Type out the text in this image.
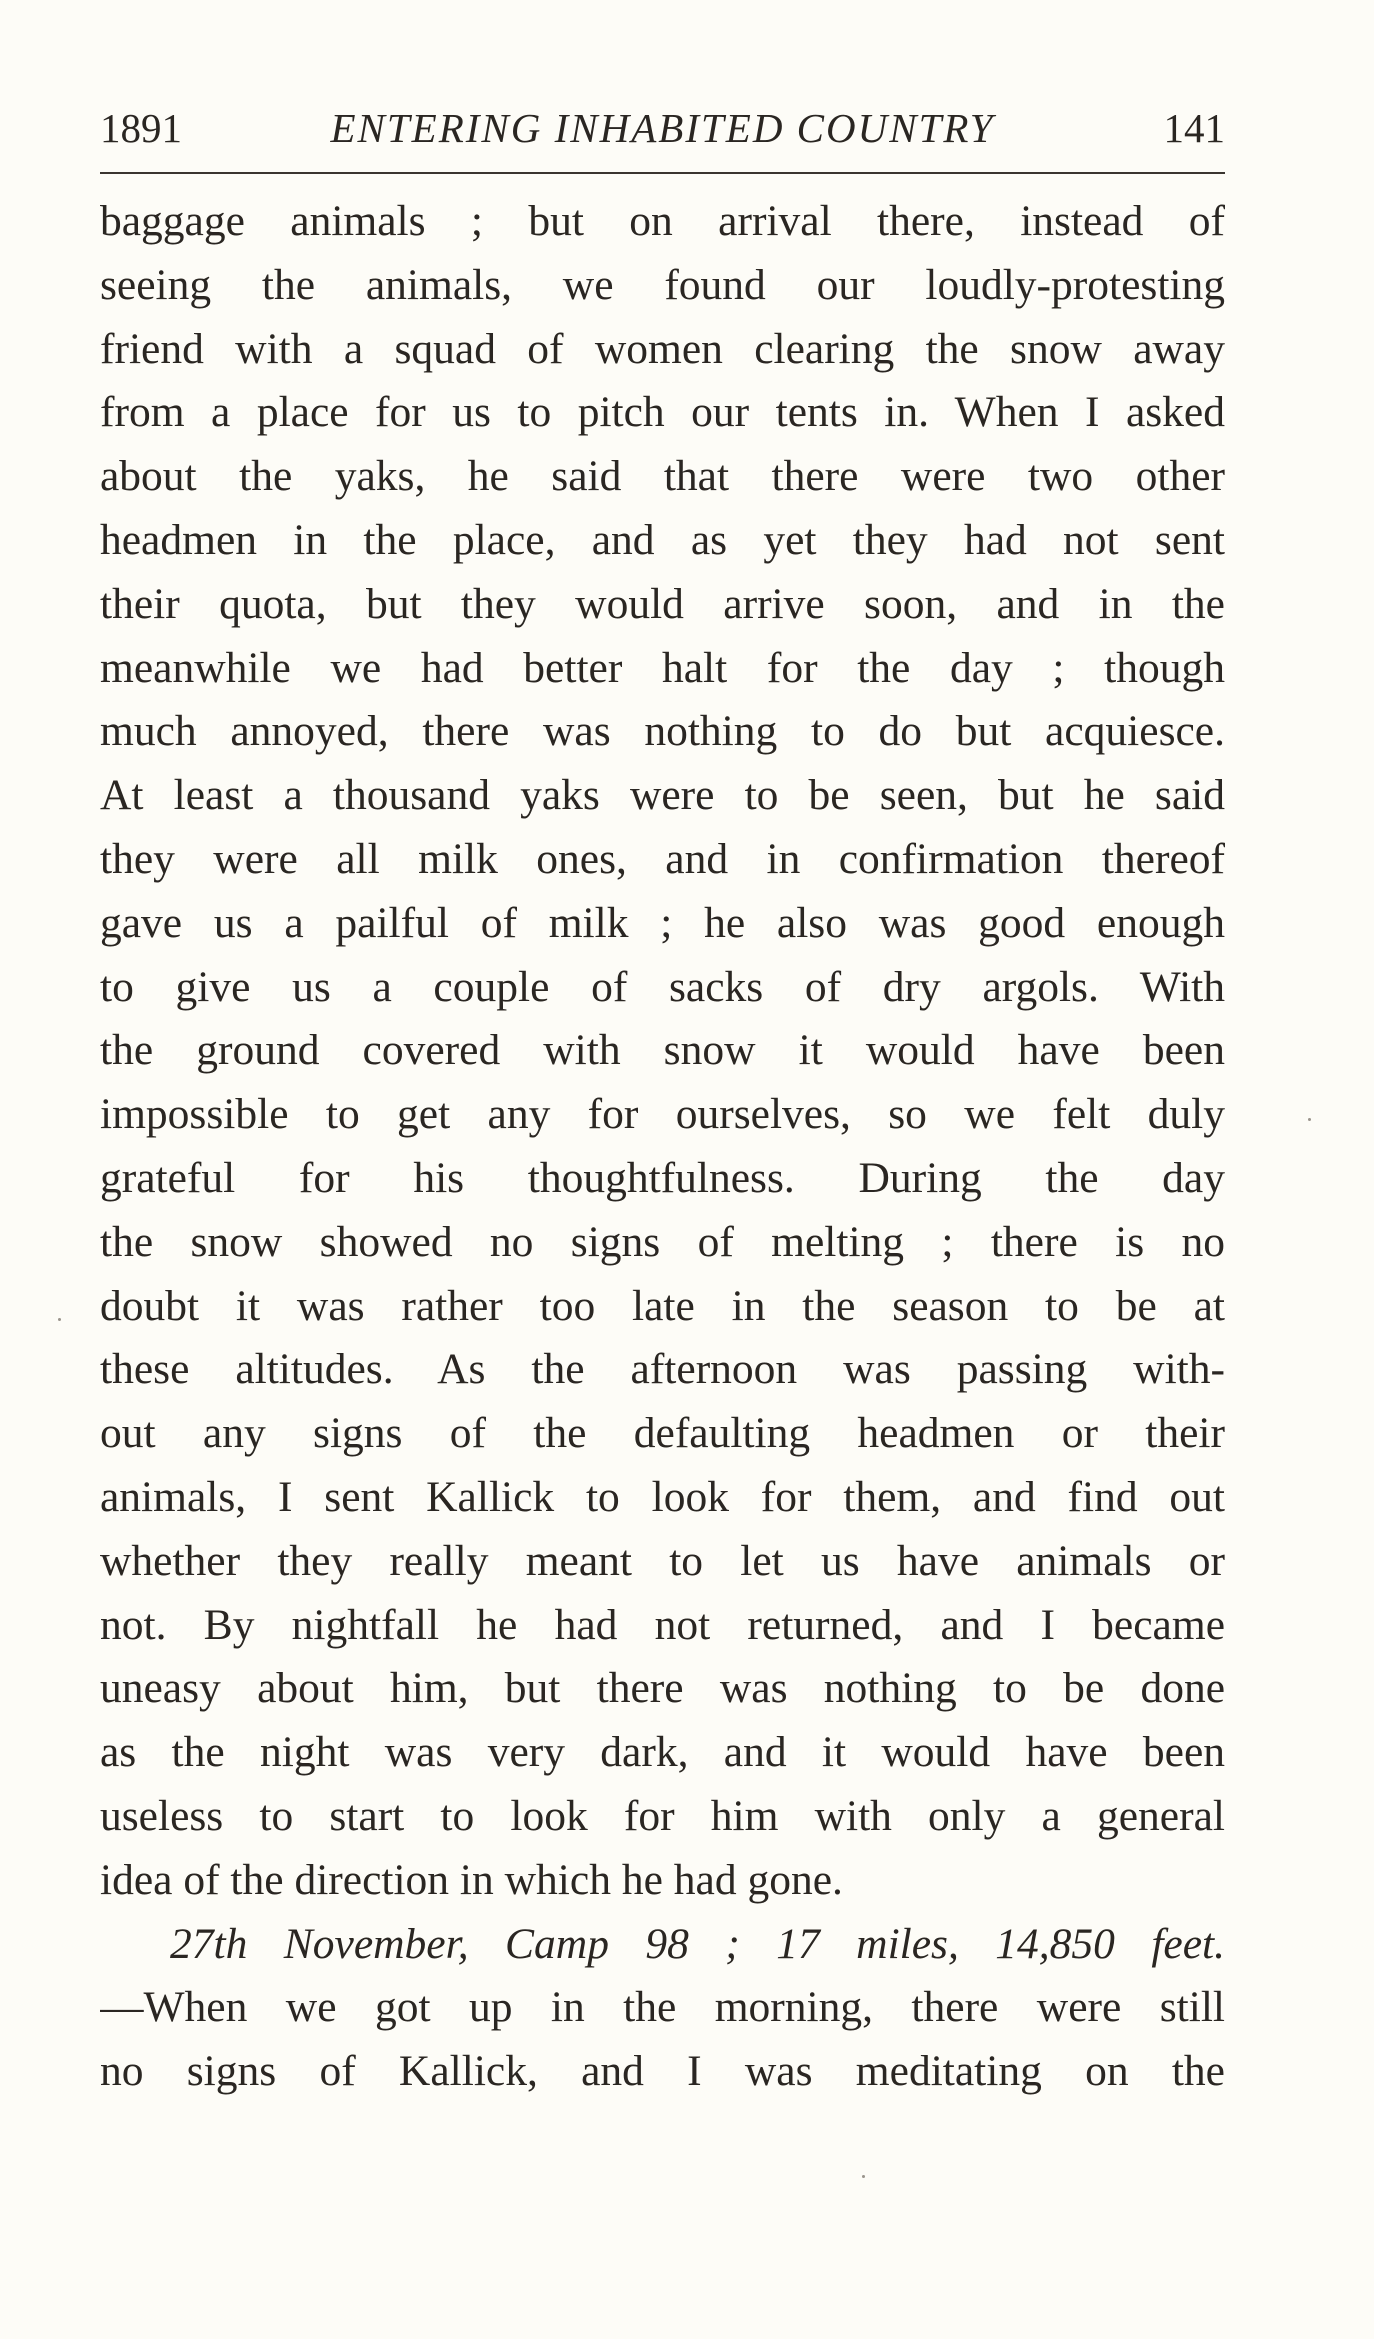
1891	ENTERING INHABITED COUNTRY	141
baggage animals ; but on arrival there, instead of
seeing the animals, we found our loudly-protesting
friend with a squad of women clearing the snow away
from a place for us to pitch our tents in. When I asked
about the yaks, he said that there were two other
headmen in the place, and as yet they had not sent
their quota, but they would arrive soon, and in the
meanwhile we had better halt for the day ; though
much annoyed, there was nothing to do but acquiesce.
At least a thousand yaks were to be seen, but he said
they were all milk ones, and in confirmation thereof
gave us a pailful of milk ; he also was good enough
to give us a couple of sacks of dry argols. With
the ground covered with snow it would have been
impossible to get any for ourselves, so we felt duly
grateful for his thoughtfulness. During the day
the snow showed no signs of melting ; there is no
doubt it was rather too late in the season to be at
these altitudes. As the afternoon was passing with-
out any signs of the defaulting headmen or their
animals, I sent Kallick to look for them, and find out
whether they really meant to let us have animals or
not. By nightfall he had not returned, and I became
uneasy about him, but there was nothing to be done
as the night was very dark, and it would have been
useless to start to look for him with only a general
idea of the direction in which he had gone.
27th November, Camp 98 ; 17 miles, 14,850 feet.
—When we got up in the morning, there were still
no signs of Kallick, and I was meditating on the
